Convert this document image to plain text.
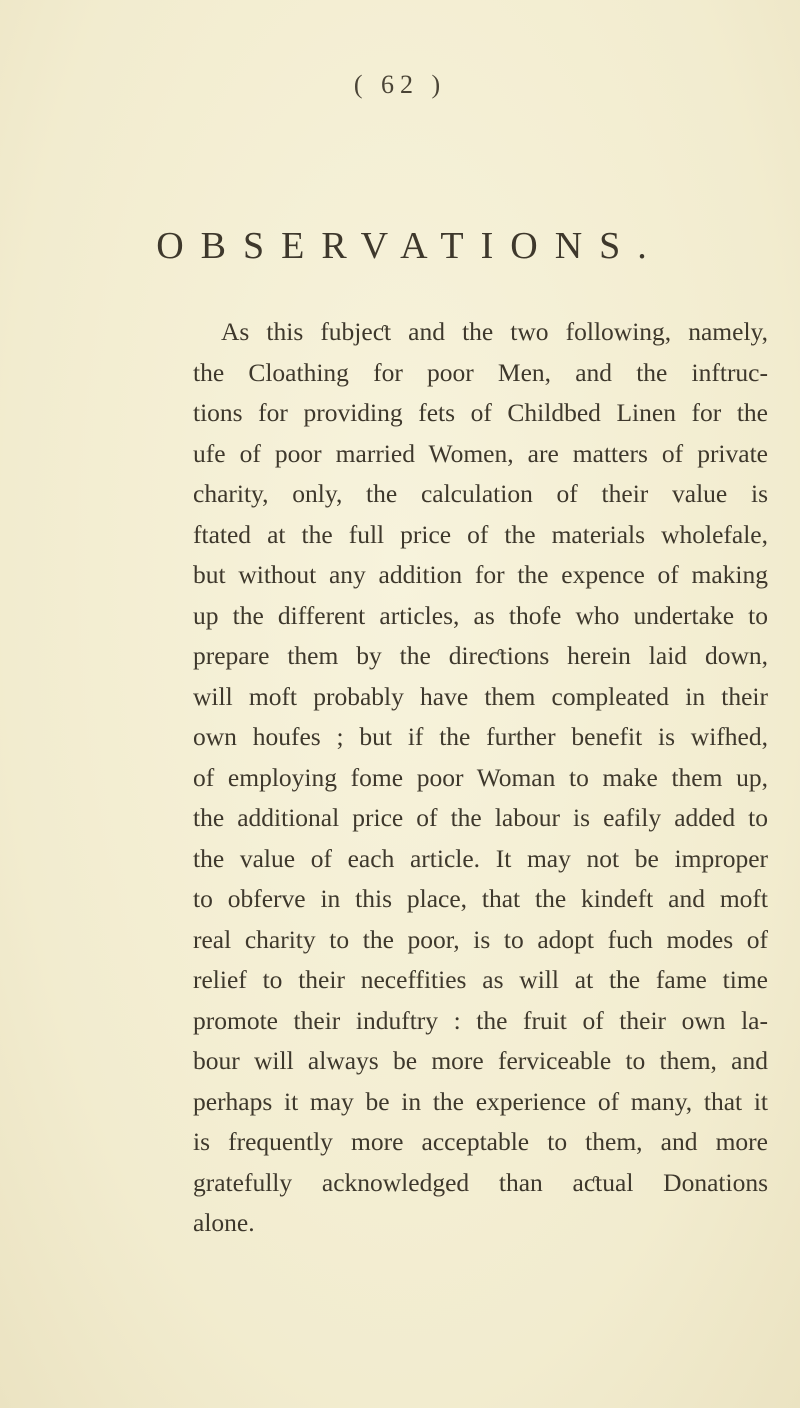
( 62 )
OBSERVATIONS.
As this fubjeƈt and the two following, namely,
the Cloathing for poor Men, and the inftruc-
tions for providing fets of Childbed Linen for the
ufe of poor married Women, are matters of private
charity, only, the calculation of their value is
ftated at the full price of the materials wholefale,
but without any addition for the expence of making
up the different articles, as thofe who undertake to
prepare them by the direƈtions herein laid down,
will moft probably have them compleated in their
own houfes ; but if the further benefit is wifhed,
of employing fome poor Woman to make them up,
the additional price of the labour is eafily added to
the value of each article. It may not be improper
to obferve in this place, that the kindeft and moft
real charity to the poor, is to adopt fuch modes of
relief to their neceffities as will at the fame time
promote their induftry : the fruit of their own la-
bour will always be more ferviceable to them, and
perhaps it may be in the experience of many, that it
is frequently more acceptable to them, and more
gratefully acknowledged than aƈtual Donations
alone.
